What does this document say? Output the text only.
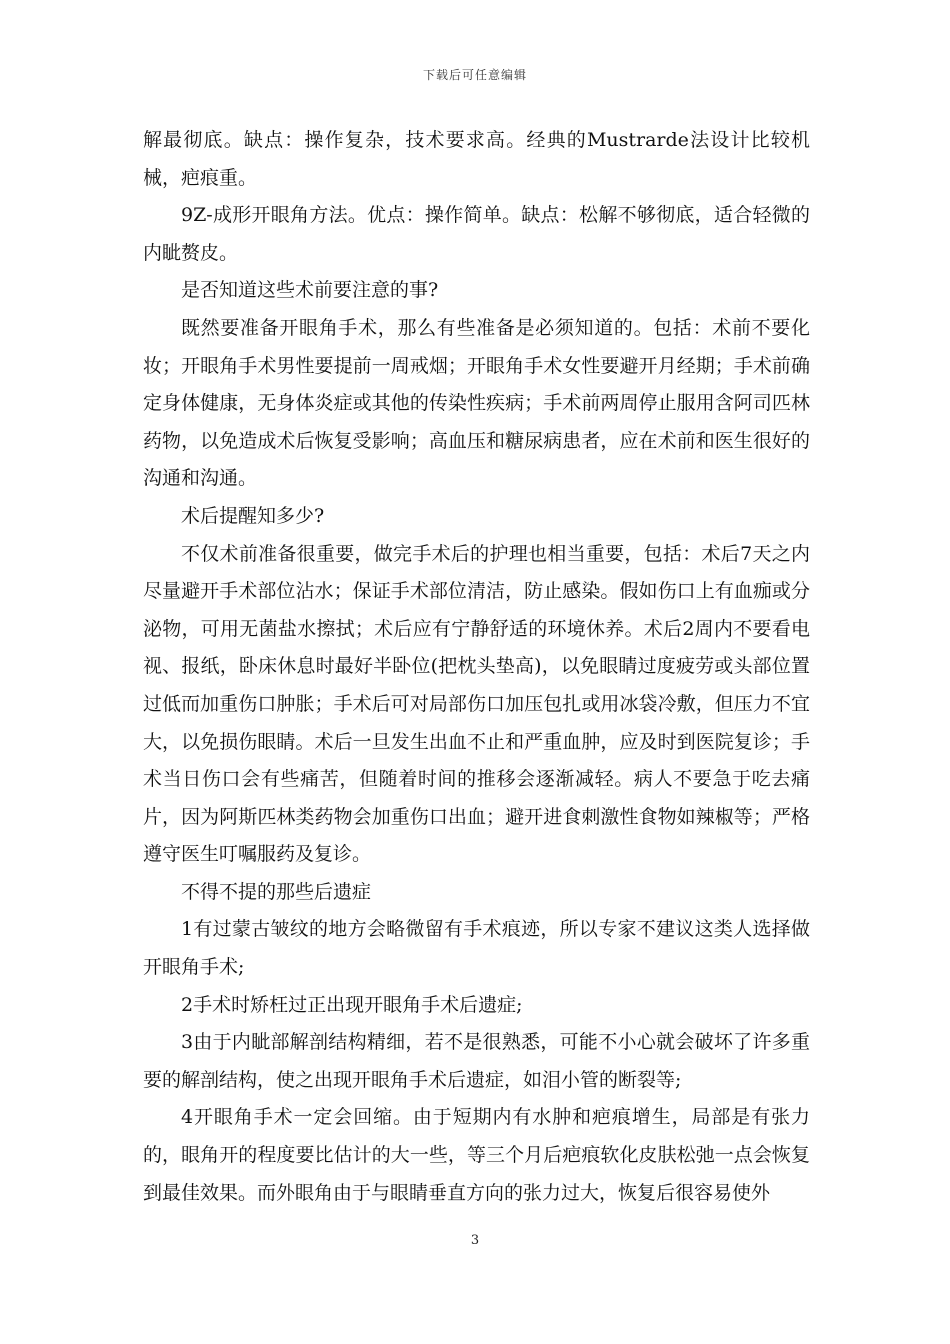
下载后可任意编辑

解最彻底。缺点：操作复杂，技术要求高。经典的Mustrarde法设计比较机械，疤痕重。

9Z-成形开眼角方法。优点：操作简单。缺点：松解不够彻底，适合轻微的内眦赘皮。

是否知道这些术前要注意的事?

既然要准备开眼角手术，那么有些准备是必须知道的。包括：术前不要化妆；开眼角手术男性要提前一周戒烟；开眼角手术女性要避开月经期；手术前确定身体健康，无身体炎症或其他的传染性疾病；手术前两周停止服用含阿司匹林药物，以免造成术后恢复受影响；高血压和糖尿病患者，应在术前和医生很好的沟通和沟通。

术后提醒知多少?

不仅术前准备很重要，做完手术后的护理也相当重要，包括：术后7天之内尽量避开手术部位沾水；保证手术部位清洁，防止感染。假如伤口上有血痂或分泌物，可用无菌盐水擦拭；术后应有宁静舒适的环境休养。术后2周内不要看电视、报纸，卧床休息时最好半卧位(把枕头垫高)，以免眼睛过度疲劳或头部位置过低而加重伤口肿胀；手术后可对局部伤口加压包扎或用冰袋冷敷，但压力不宜大，以免损伤眼睛。术后一旦发生出血不止和严重血肿，应及时到医院复诊；手术当日伤口会有些痛苦，但随着时间的推移会逐渐减轻。病人不要急于吃去痛片，因为阿斯匹林类药物会加重伤口出血；避开进食刺激性食物如辣椒等；严格遵守医生叮嘱服药及复诊。

不得不提的那些后遗症

1有过蒙古皱纹的地方会略微留有手术痕迹，所以专家不建议这类人选择做开眼角手术;

2手术时矫枉过正出现开眼角手术后遗症;

3由于内眦部解剖结构精细，若不是很熟悉，可能不小心就会破坏了许多重要的解剖结构，使之出现开眼角手术后遗症，如泪小管的断裂等;

4开眼角手术一定会回缩。由于短期内有水肿和疤痕增生，局部是有张力的，眼角开的程度要比估计的大一些，等三个月后疤痕软化皮肤松弛一点会恢复到最佳效果。而外眼角由于与眼睛垂直方向的张力过大，恢复后很容易使外

3
